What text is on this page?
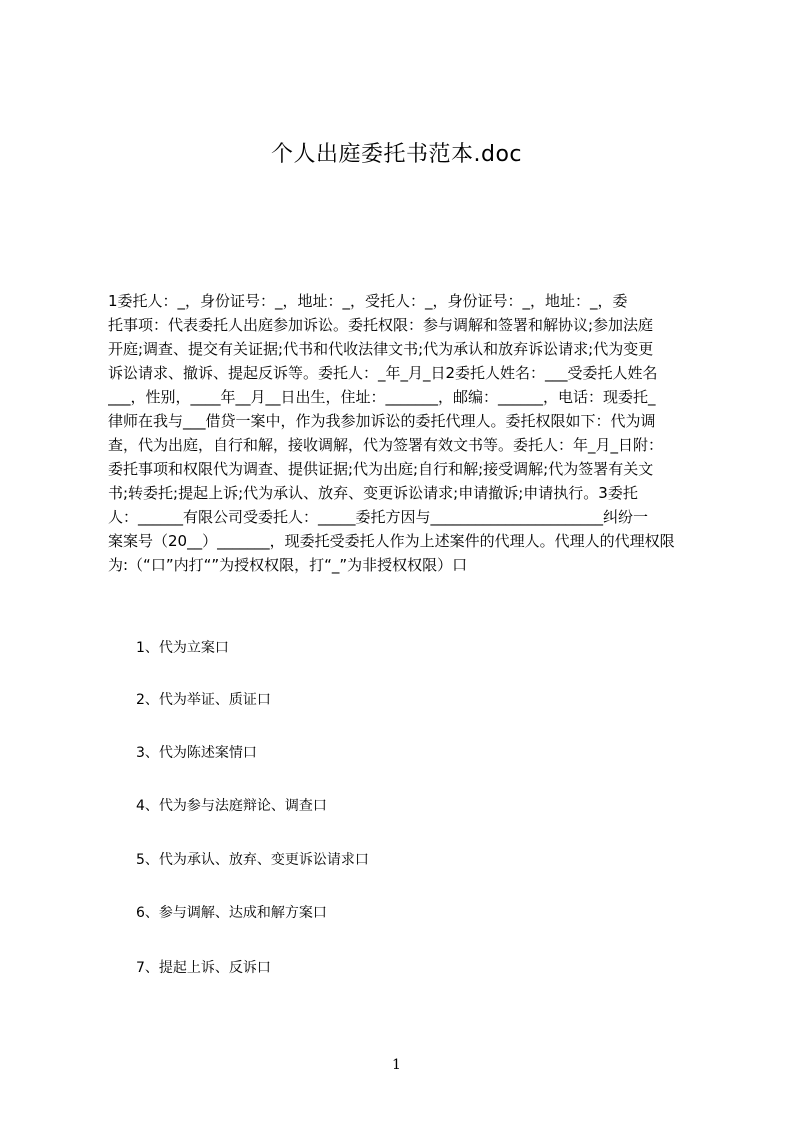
个人出庭委托书范本.doc
1委托人：_，身份证号：_，地址：_，受托人：_，身份证号：_，地址：_，委
托事项：代表委托人出庭参加诉讼。委托权限：参与调解和签署和解协议;参加法庭
开庭;调查、提交有关证据;代书和代收法律文书;代为承认和放弃诉讼请求;代为变更
诉讼请求、撤诉、提起反诉等。委托人：_年_月_日2委托人姓名：___受委托人姓名
___，性别，____年__月__日出生，住址：_______，邮编：______，电话：现委托_
律师在我与___借贷一案中，作为我参加诉讼的委托代理人。委托权限如下：代为调
查，代为出庭，自行和解，接收调解，代为签署有效文书等。委托人：年_月_日附：
委托事项和权限代为调查、提供证据;代为出庭;自行和解;接受调解;代为签署有关文
书;转委托;提起上诉;代为承认、放弃、变更诉讼请求;申请撤诉;申请执行。3委托
人：______有限公司受委托人：_____委托方因与_______________________纠纷一
案案号（20__）_______，现委托受委托人作为上述案件的代理人。代理人的代理权限
为:（“口”内打“”为授权权限，打“_”为非授权权限）口
1、代为立案口
2、代为举证、质证口
3、代为陈述案情口
4、代为参与法庭辩论、调查口
5、代为承认、放弃、变更诉讼请求口
6、参与调解、达成和解方案口
7、提起上诉、反诉口
1
